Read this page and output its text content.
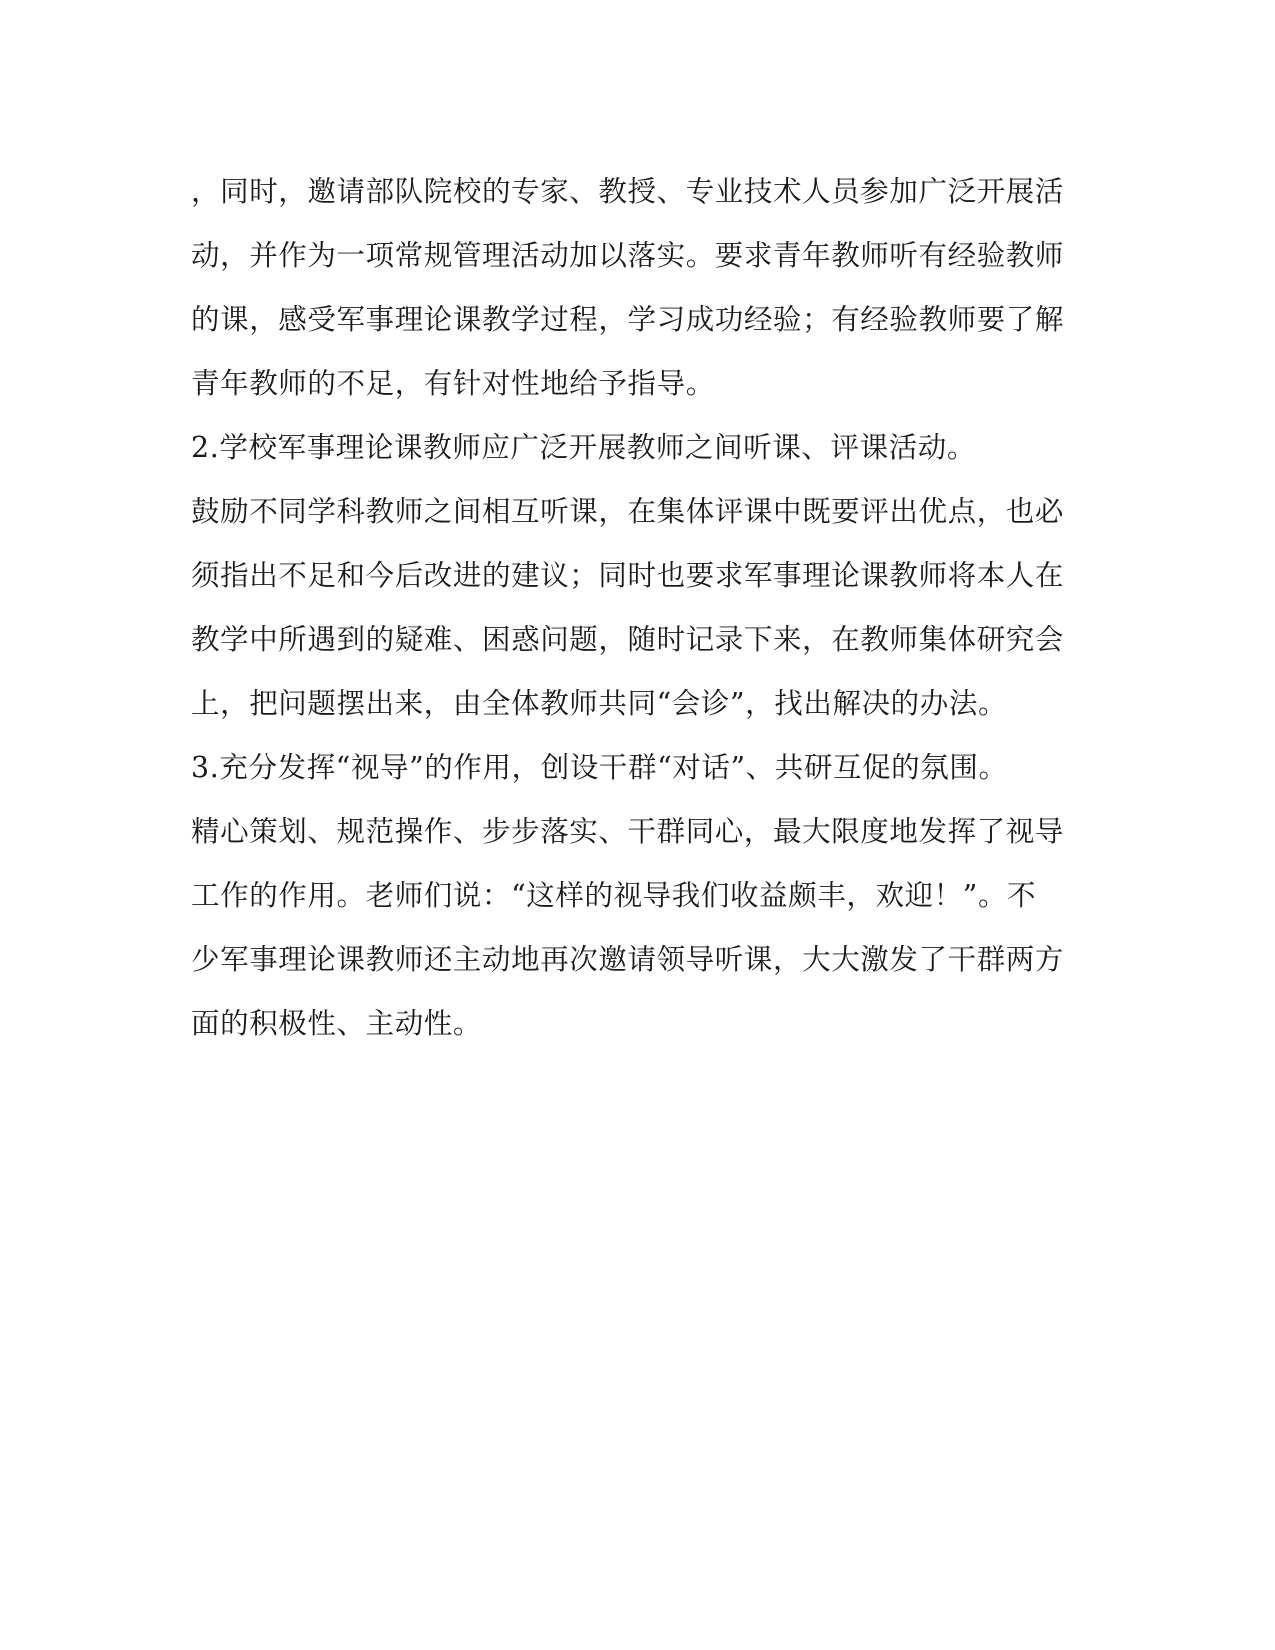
，同时，邀请部队院校的专家、教授、专业技术人员参加广泛开展活
动，并作为一项常规管理活动加以落实。要求青年教师听有经验教师
的课，感受军事理论课教学过程，学习成功经验；有经验教师要了解
青年教师的不足，有针对性地给予指导。
2.学校军事理论课教师应广泛开展教师之间听课、评课活动。
鼓励不同学科教师之间相互听课，在集体评课中既要评出优点，也必
须指出不足和今后改进的建议；同时也要求军事理论课教师将本人在
教学中所遇到的疑难、困惑问题，随时记录下来，在教师集体研究会
上，把问题摆出来，由全体教师共同“会诊”，找出解决的办法。
3.充分发挥“视导”的作用，创设干群“对话”、共研互促的氛围。
精心策划、规范操作、步步落实、干群同心，最大限度地发挥了视导
工作的作用。老师们说：“这样的视导我们收益颇丰，欢迎！”。不
少军事理论课教师还主动地再次邀请领导听课，大大激发了干群两方
面的积极性、主动性。
